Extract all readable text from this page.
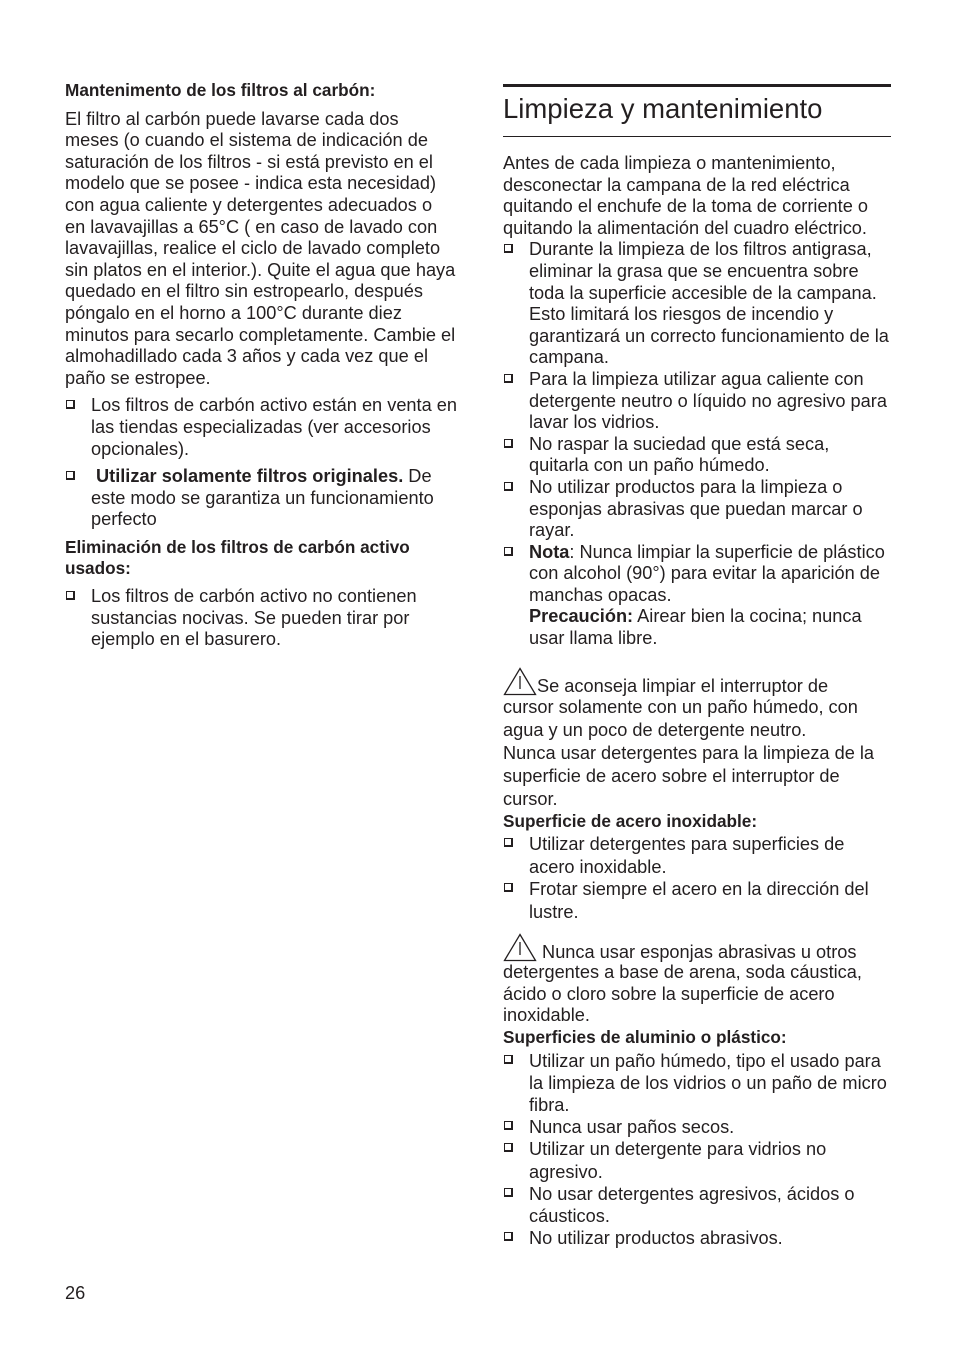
Mantenimento de los filtros al carbón:

El filtro al carbón puede lavarse cada dos meses (o cuando el sistema de indicación de saturación de los filtros - si está previsto en el modelo que se posee - indica esta necesidad) con agua caliente y detergentes adecuados o en lavavajillas a 65°C ( en caso de lavado con lavavajillas, realice el ciclo de lavado completo sin platos en el interior.). Quite el agua que haya quedado en el filtro sin estropearlo, después póngalo en el horno a 100°C durante diez minutos para secarlo completamente. Cambie el almohadillado cada 3 años y cada vez que el paño se estropee.

Los filtros de carbón activo están en venta en las tiendas especializadas (ver accesorios opcionales).
Utilizar solamente filtros originales. De este modo se garantiza un funcionamiento perfecto

Eliminación de los filtros de carbón activo usados:

Los filtros de carbón activo no contienen sustancias nocivas. Se pueden tirar por ejemplo en el basurero.
Limpieza y mantenimiento

Antes de cada limpieza o mantenimiento, desconectar la campana de la red eléctrica quitando el enchufe de la toma de corriente o quitando la alimentación del cuadro eléctrico.

Durante la limpieza de los filtros antigrasa, eliminar la grasa que se encuentra sobre toda la superficie accesible de la campana. Esto limitará los riesgos de incendio y garantizará un correcto funcionamiento de la campana.
Para la limpieza utilizar agua caliente con detergente neutro o líquido no agresivo para lavar los vidrios.
No raspar la suciedad que está seca, quitarla con un paño húmedo.
No utilizar productos para la limpieza o esponjas abrasivas que puedan marcar o rayar.
Nota: Nunca limpiar la superficie de plástico con alcohol (90°) para evitar la aparición de manchas opacas.
Precaución: Airear bien la cocina; nunca usar llama libre.

Se aconseja limpiar el interruptor de

cursor solamente con un paño húmedo, con agua y un poco de detergente neutro.

Nunca usar detergentes para la limpieza de la superficie de acero sobre el interruptor de cursor.

Superficie de acero inoxidable:

Utilizar detergentes para superficies de acero inoxidable.
Frotar siempre el acero en la dirección del lustre.

Nunca usar esponjas abrasivas u otros

detergentes a base de arena, soda cáustica, ácido o cloro sobre la superficie de acero inoxidable.

Superficies de aluminio o plástico:

Utilizar un paño húmedo, tipo el usado para la limpieza de los vidrios o un paño de micro fibra.
Nunca usar paños secos.
Utilizar un detergente para vidrios no agresivo.
No usar detergentes agresivos, ácidos o cáusticos.
No utilizar productos abrasivos.
26
